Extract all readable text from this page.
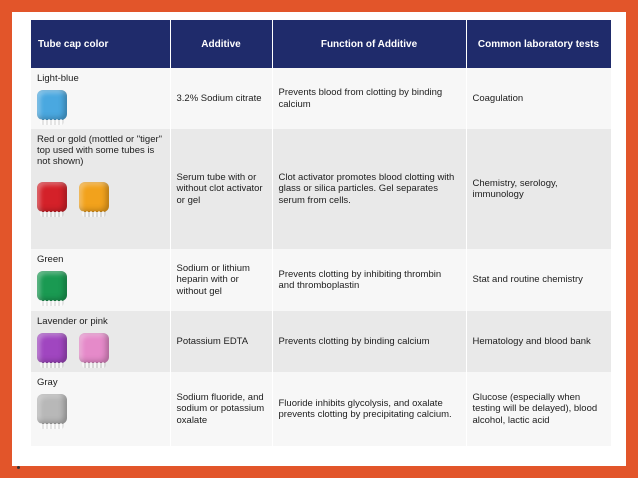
Tube cap color	Additive	Function of Additive	Common laboratory tests

Light-blue	3.2% Sodium citrate	Prevents blood from clotting by binding calcium	Coagulation

Red or gold (mottled or "tiger" top used with some tubes is not shown)	Serum tube with or without clot activator or gel	Clot activator promotes blood clotting with glass or silica particles. Gel separates serum from cells.	Chemistry, serology, immunology

Green	Sodium or lithium heparin with or without gel	Prevents clotting by inhibiting thrombin and thromboplastin	Stat and routine chemistry

Lavender or pink	Potassium EDTA	Prevents clotting by binding calcium	Hematology and blood bank

Gray	Sodium fluoride, and sodium or potassium oxalate	Fluoride inhibits glycolysis, and oxalate prevents clotting by precipitating calcium.	Glucose (especially when testing will be delayed), blood alcohol, lactic acid
